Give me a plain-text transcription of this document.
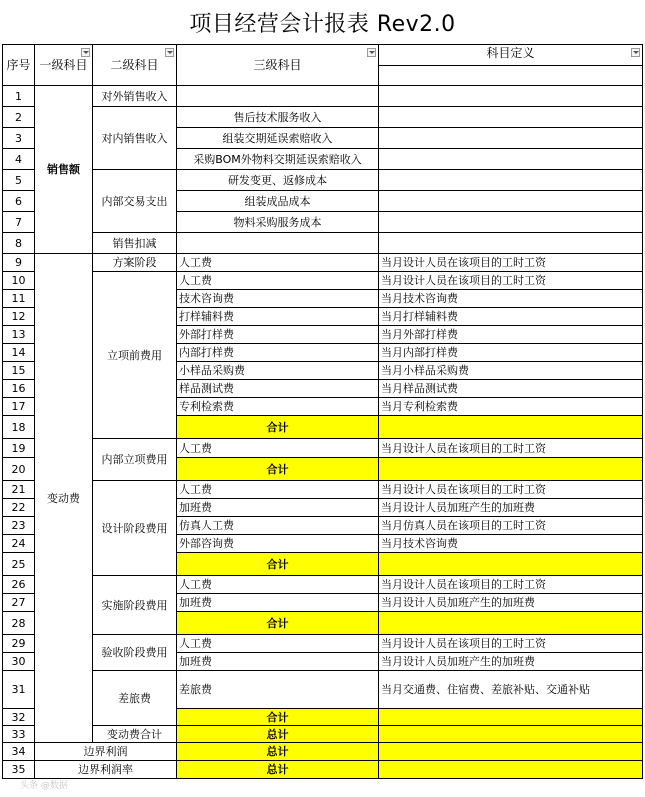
项目经营会计报表 Rev2.0
序号	一级科目	二级科目	三级科目	科目定义

1	销售额	对外销售收入		
2		对内销售收入	售后技术服务收入	
3			组装交期延误索赔收入	
4			采购BOM外物料交期延误索赔收入	
5		内部交易支出	研发变更、返修成本	
6			组装成品成本	
7			物料采购服务成本	
8		销售扣减		
9	变动费	方案阶段	人工费	当月设计人员在该项目的工时工资
10		立项前费用	人工费	当月设计人员在该项目的工时工资
11			技术咨询费	当月技术咨询费
12			打样辅料费	当月打样辅料费
13			外部打样费	当月外部打样费
14			内部打样费	当月内部打样费
15			小样品采购费	当月小样品采购费
16			样品测试费	当月样品测试费
17			专利检索费	当月专利检索费
18			合计	
19		内部立项费用	人工费	当月设计人员在该项目的工时工资
20			合计	
21		设计阶段费用	人工费	当月设计人员在该项目的工时工资
22			加班费	当月设计人员加班产生的加班费
23			仿真人工费	当月仿真人员在该项目的工时工资
24			外部咨询费	当月技术咨询费
25			合计	
26		实施阶段费用	人工费	当月设计人员在该项目的工时工资
27			加班费	当月设计人员加班产生的加班费
28			合计	
29		验收阶段费用	人工费	当月设计人员在该项目的工时工资
30			加班费	当月设计人员加班产生的加班费
31		差旅费	差旅费	当月交通费、住宿费、差旅补贴、交通补贴
32			合计	
33		变动费合计	总计	
34	边界利润		总计	
35	边界利润率		总计	
头条 @数据
